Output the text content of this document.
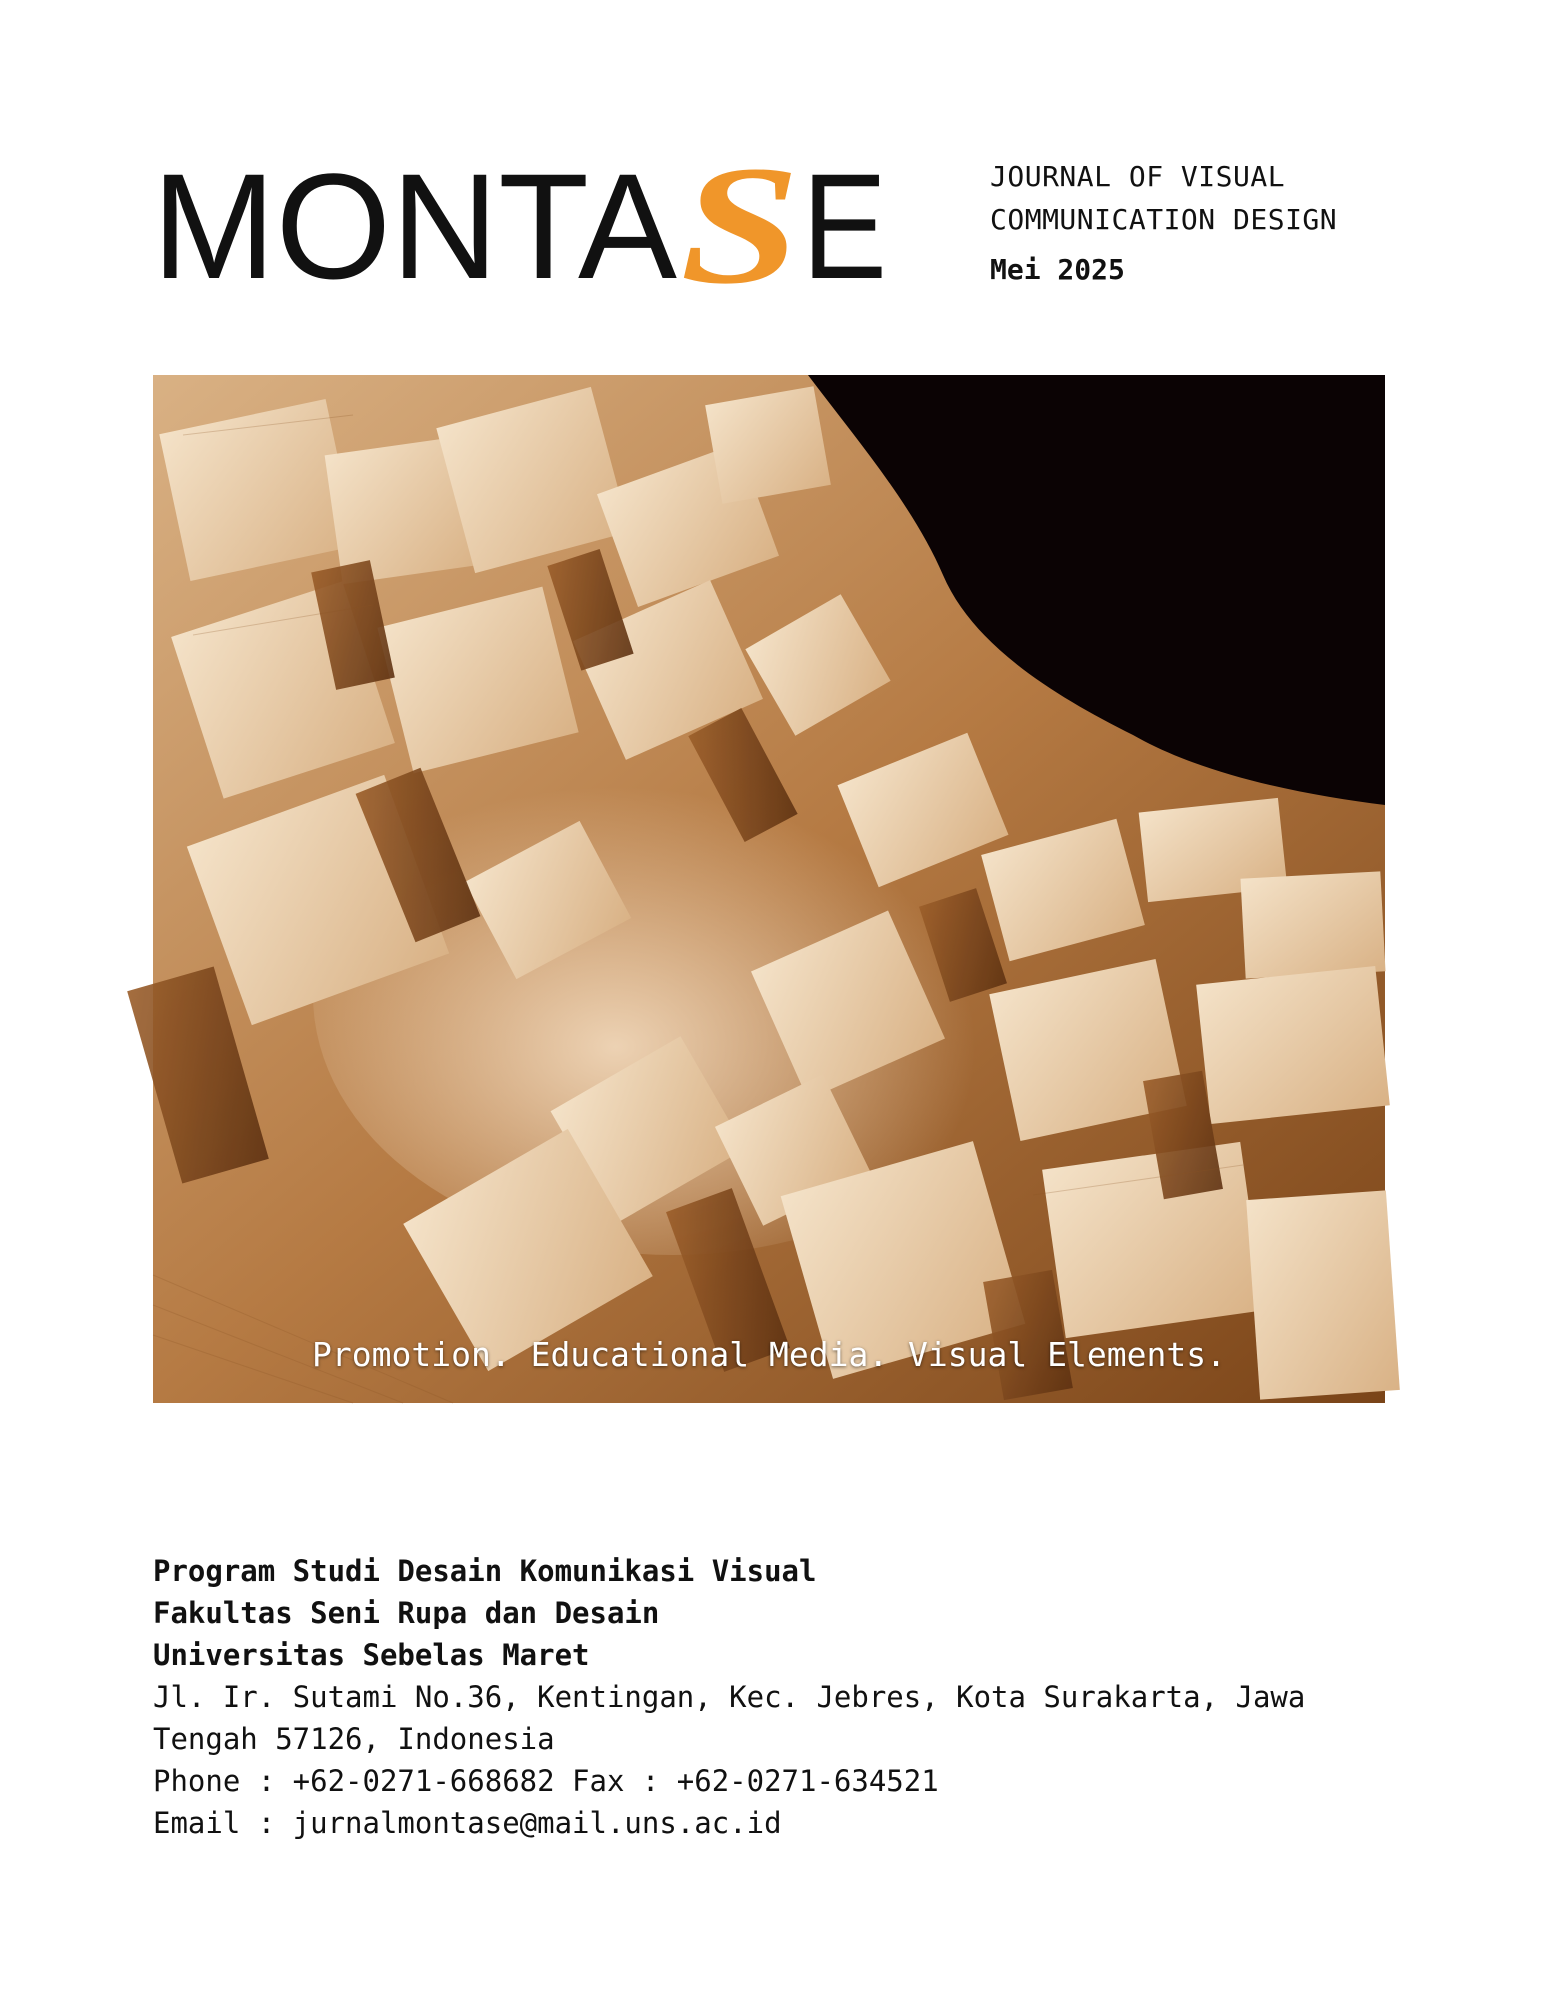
MONTA S E	JOURNAL OF VISUAL
COMMUNICATION DESIGN
Mei 2025
Promotion. Educational Media. Visual Elements.
Program Studi Desain Komunikasi Visual
Fakultas Seni Rupa dan Desain
Universitas Sebelas Maret
Jl. Ir. Sutami No.36, Kentingan, Kec. Jebres, Kota Surakarta, Jawa
Tengah 57126, Indonesia
Phone : +62-0271-668682 Fax : +62-0271-634521
Email : jurnalmontase@mail.uns.ac.id
